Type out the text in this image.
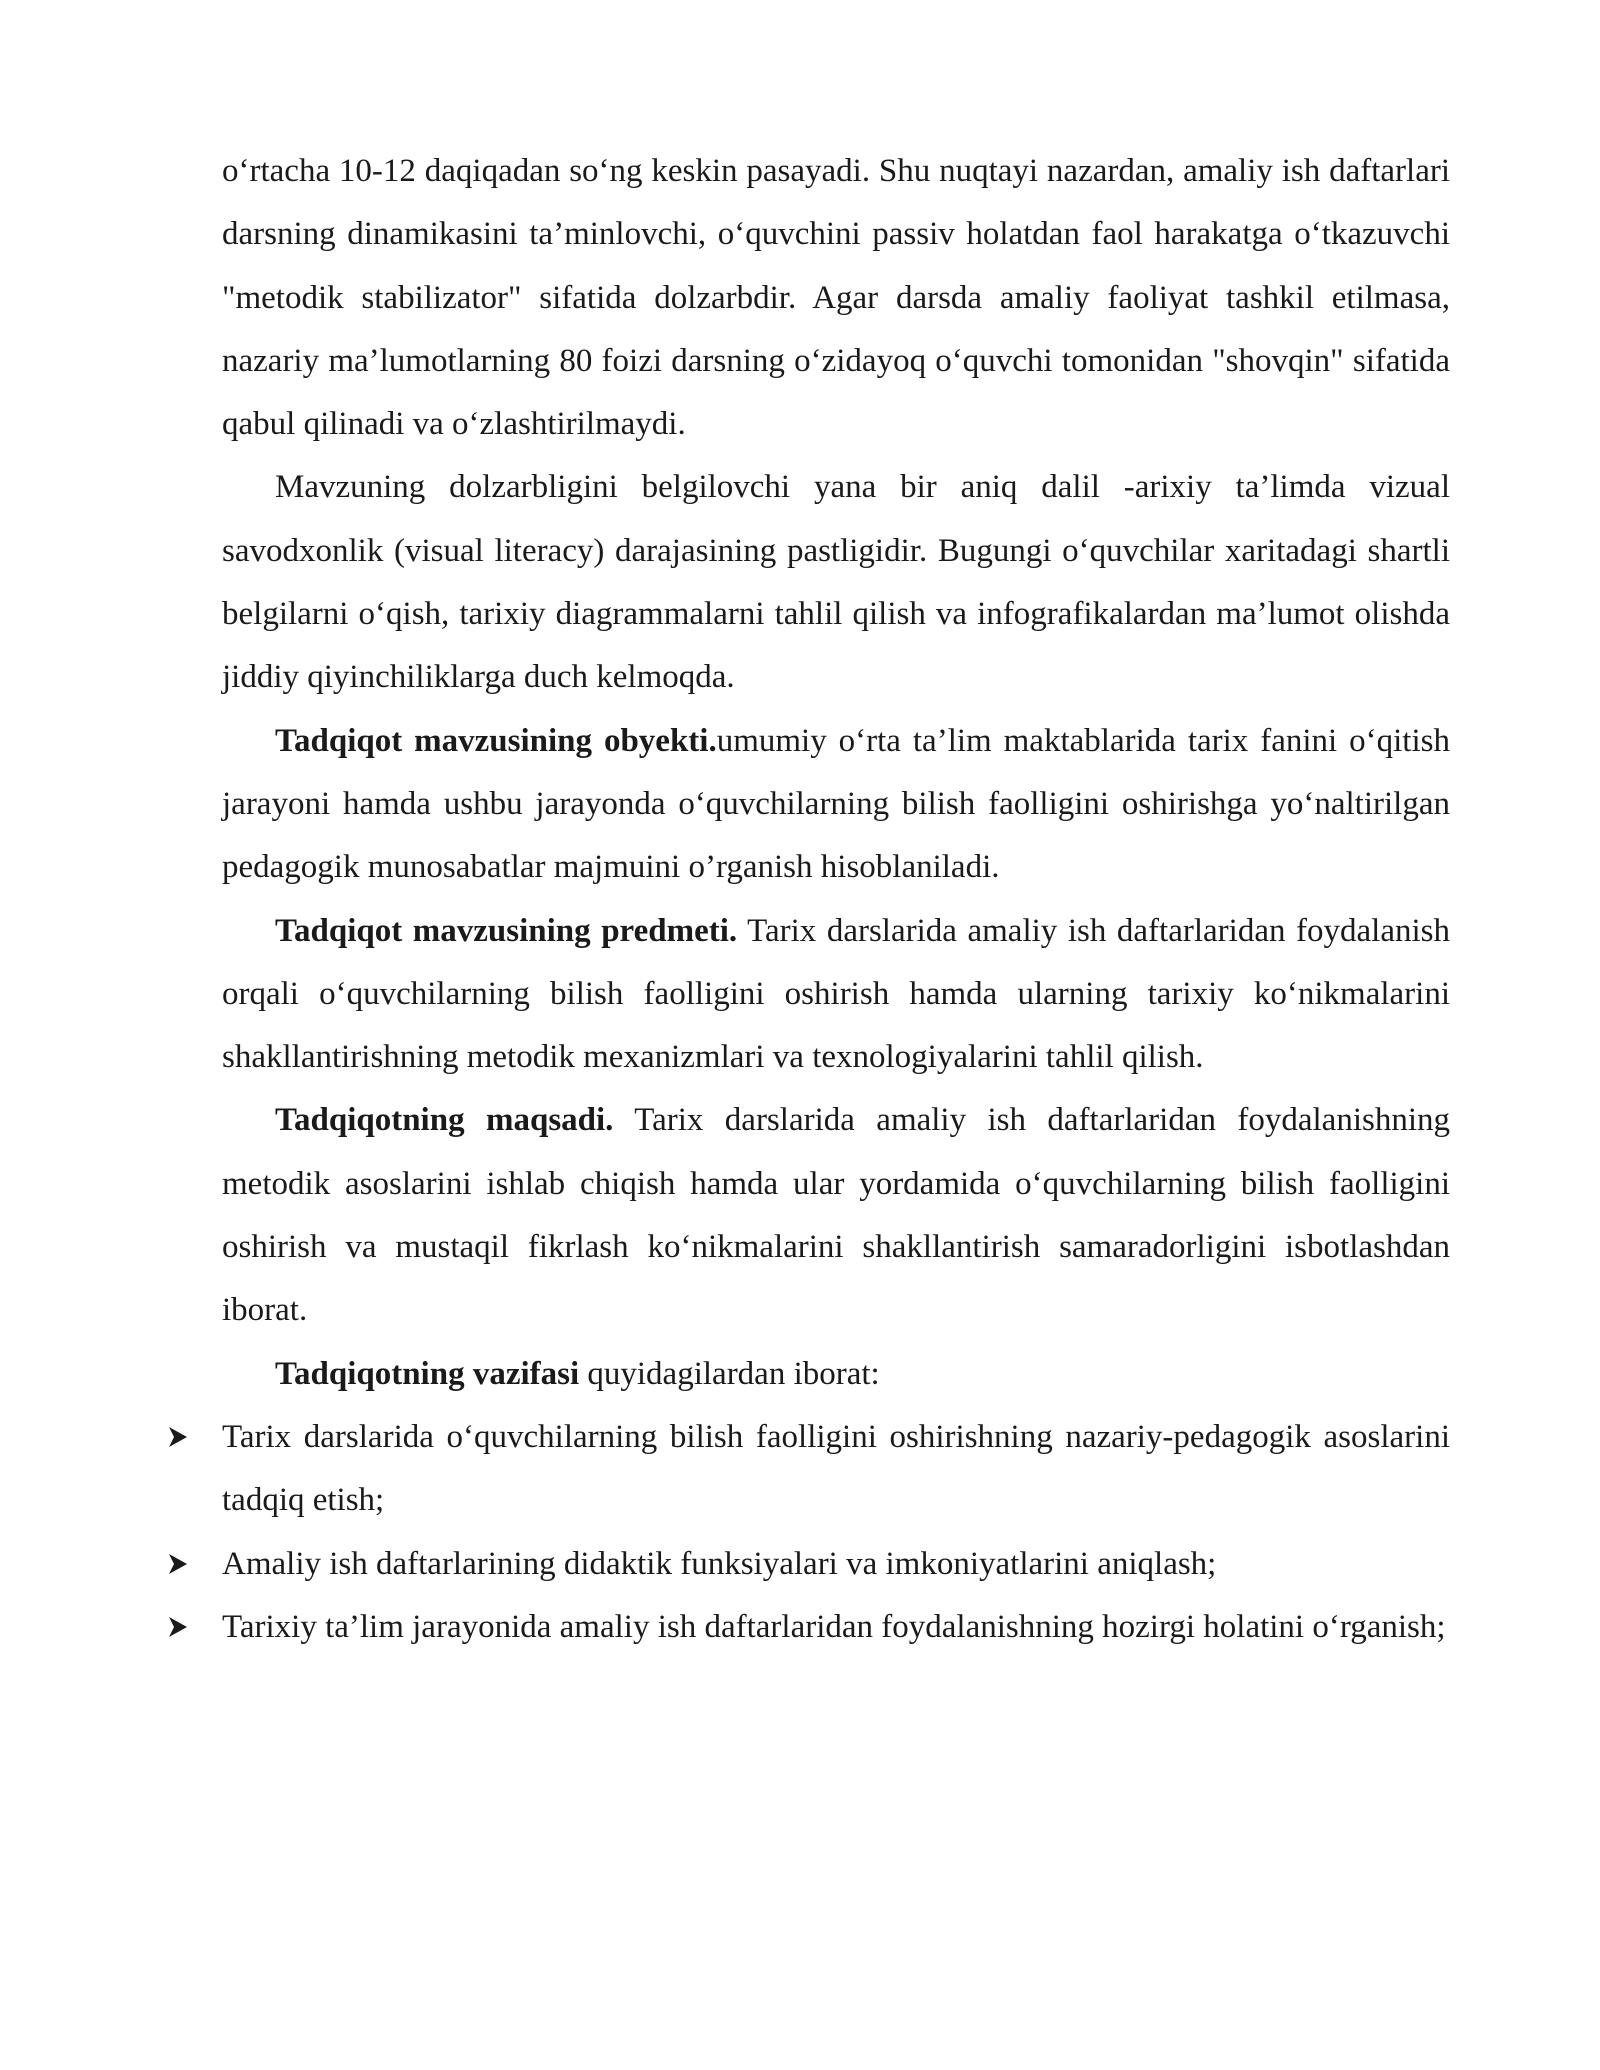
o‘rtacha 10-12 daqiqadan so‘ng keskin pasayadi. Shu nuqtayi nazardan, amaliy ish daftarlari darsning dinamikasini ta’minlovchi, o‘quvchini passiv holatdan faol harakatga o‘tkazuvchi "metodik stabilizator" sifatida dolzarbdir. Agar darsda amaliy faoliyat tashkil etilmasa, nazariy ma’lumotlarning 80 foizi darsning o‘zidayoq o‘quvchi tomonidan "shovqin" sifatida qabul qilinadi va o‘zlashtirilmaydi.

Mavzuning dolzarbligini belgilovchi yana bir aniq dalil -arixiy ta’limda vizual savodxonlik (visual literacy) darajasining pastligidir. Bugungi o‘quvchilar xaritadagi shartli belgilarni o‘qish, tarixiy diagrammalarni tahlil qilish va infografikalardan ma’lumot olishda jiddiy qiyinchiliklarga duch kelmoqda.

Tadqiqot mavzusining obyekti.umumiy o‘rta ta’lim maktablarida tarix fanini o‘qitish jarayoni hamda ushbu jarayonda o‘quvchilarning bilish faolligini oshirishga yo‘naltirilgan pedagogik munosabatlar majmuini o’rganish hisoblaniladi.

Tadqiqot mavzusining predmeti. Tarix darslarida amaliy ish daftarlaridan foydalanish orqali o‘quvchilarning bilish faolligini oshirish hamda ularning tarixiy ko‘nikmalarini shakllantirishning metodik mexanizmlari va texnologiyalarini tahlil qilish.

Tadqiqotning maqsadi. Tarix darslarida amaliy ish daftarlaridan foydalanishning metodik asoslarini ishlab chiqish hamda ular yordamida o‘quvchilarning bilish faolligini oshirish va mustaqil fikrlash ko‘nikmalarini shakllantirish samaradorligini isbotlashdan iborat.

Tadqiqotning vazifasi quyidagilardan iborat:

Tarix darslarida o‘quvchilarning bilish faolligini oshirishning nazariy-pedagogik asoslarini tadqiq etish;
Amaliy ish daftarlarining didaktik funksiyalari va imkoniyatlarini aniqlash;
Tarixiy ta’lim jarayonida amaliy ish daftarlaridan foydalanishning hozirgi holatini o‘rganish;
